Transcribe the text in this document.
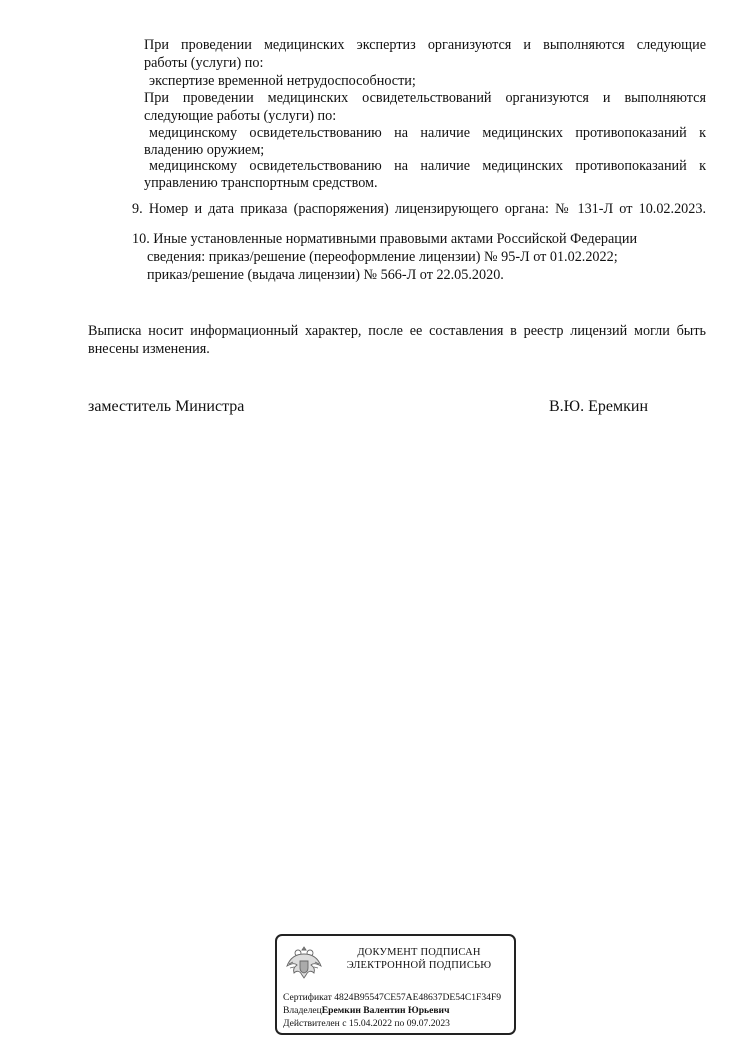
При проведении медицинских экспертиз организуются и выполняются следующие
работы (услуги) по:
экспертизе временной нетрудоспособности;
При проведении медицинских освидетельствований организуются и выполняются
следующие работы (услуги) по:
медицинскому освидетельствованию на наличие медицинских противопоказаний к
владению оружием;
медицинскому освидетельствованию на наличие медицинских противопоказаний к
управлению транспортным средством.
9. Номер и дата приказа (распоряжения) лицензирующего органа: № 131-Л от 10.02.2023.
10. Иные установленные нормативными правовыми актами Российской Федерации
сведения: приказ/решение (переоформление лицензии) № 95-Л от 01.02.2022;
приказ/решение (выдача лицензии) № 566-Л от 22.05.2020.
Выписка носит информационный характер, после ее составления в реестр лицензий могли быть
внесены изменения.
заместитель Министра	В.Ю. Еремкин
ДОКУМЕНТ ПОДПИСАН
ЭЛЕКТРОННОЙ ПОДПИСЬЮ
Сертификат 4824B95547CE57AE48637DE54C1F34F9
ВладелецЕремкин Валентин Юрьевич
Действителен с 15.04.2022 по 09.07.2023
